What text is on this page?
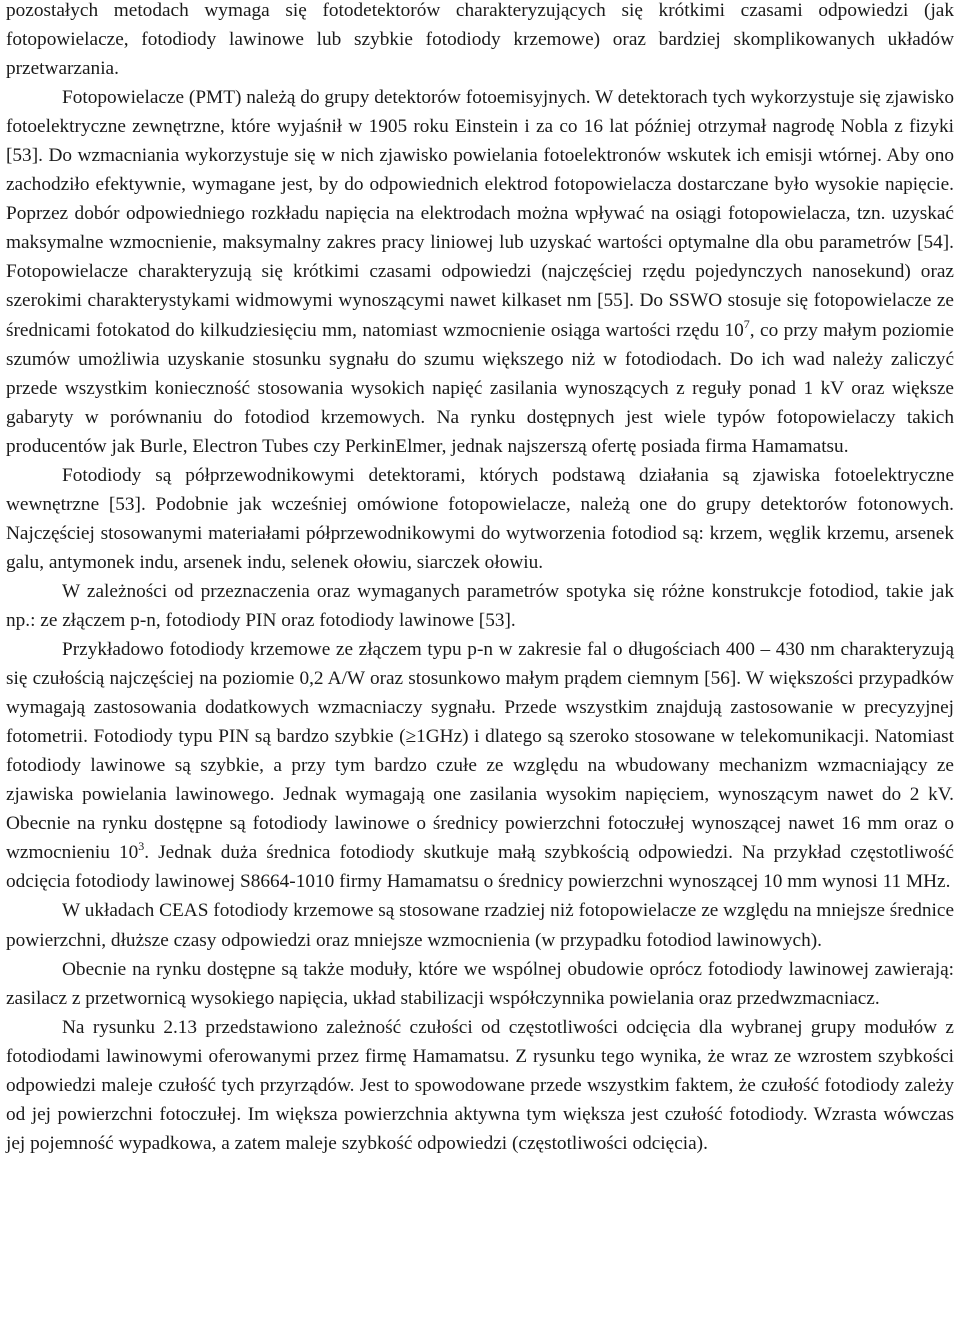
pozostałych metodach wymaga się fotodetektorów charakteryzujących się krótkimi czasami odpowiedzi (jak fotopowielacze, fotodiody lawinowe lub szybkie fotodiody krzemowe) oraz bardziej skomplikowanych układów przetwarzania.

Fotopowielacze (PMT) należą do grupy detektorów fotoemisyjnych. W detektorach tych wykorzystuje się zjawisko fotoelektryczne zewnętrzne, które wyjaśnił w 1905 roku Einstein i za co 16 lat później otrzymał nagrodę Nobla z fizyki [53]. Do wzmacniania wykorzystuje się w nich zjawisko powielania fotoelektronów wskutek ich emisji wtórnej. Aby ono zachodziło efektywnie, wymagane jest, by do odpowiednich elektrod fotopowielacza dostarczane było wysokie napięcie. Poprzez dobór odpowiedniego rozkładu napięcia na elektrodach można wpływać na osiągi fotopowielacza, tzn. uzyskać maksymalne wzmocnienie, maksymalny zakres pracy liniowej lub uzyskać wartości optymalne dla obu parametrów [54]. Fotopowielacze charakteryzują się krótkimi czasami odpowiedzi (najczęściej rzędu pojedynczych nanosekund) oraz szerokimi charakterystykami widmowymi wynoszącymi nawet kilkaset nm [55]. Do SSWO stosuje się fotopowielacze ze średnicami fotokatod do kilkudziesięciu mm, natomiast wzmocnienie osiąga wartości rzędu $10^7$, co przy małym poziomie szumów umożliwia uzyskanie stosunku sygnału do szumu większego niż w fotodiodach. Do ich wad należy zaliczyć przede wszystkim konieczność stosowania wysokich napięć zasilania wynoszących z reguły ponad 1 kV oraz większe gabaryty w porównaniu do fotodiod krzemowych. Na rynku dostępnych jest wiele typów fotopowielaczy takich producentów jak Burle, Electron Tubes czy PerkinElmer, jednak najszerszą ofertę posiada firma Hamamatsu.

Fotodiody są półprzewodnikowymi detektorami, których podstawą działania są zjawiska fotoelektryczne wewnętrzne [53]. Podobnie jak wcześniej omówione fotopowielacze, należą one do grupy detektorów fotonowych. Najczęściej stosowanymi materiałami półprzewodnikowymi do wytworzenia fotodiod są: krzem, węglik krzemu, arsenek galu, antymonek indu, arsenek indu, selenek ołowiu, siarczek ołowiu.

W zależności od przeznaczenia oraz wymaganych parametrów spotyka się różne konstrukcje fotodiod, takie jak np.: ze złączem p-n, fotodiody PIN oraz fotodiody lawinowe [53].

Przykładowo fotodiody krzemowe ze złączem typu p-n w zakresie fal o długościach 400 – 430 nm charakteryzują się czułością najczęściej na poziomie 0,2 A/W oraz stosunkowo małym prądem ciemnym [56]. W większości przypadków wymagają zastosowania dodatkowych wzmacniaczy sygnału. Przede wszystkim znajdują zastosowanie w precyzyjnej fotometrii. Fotodiody typu PIN są bardzo szybkie (≥1GHz) i dlatego są szeroko stosowane w telekomunikacji. Natomiast fotodiody lawinowe są szybkie, a przy tym bardzo czułe ze względu na wbudowany mechanizm wzmacniający ze zjawiska powielania lawinowego. Jednak wymagają one zasilania wysokim napięciem, wynoszącym nawet do 2 kV. Obecnie na rynku dostępne są fotodiody lawinowe o średnicy powierzchni fotoczułej wynoszącej nawet 16 mm oraz o wzmocnieniu $10^3$. Jednak duża średnica fotodiody skutkuje małą szybkością odpowiedzi. Na przykład częstotliwość odcięcia fotodiody lawinowej S8664-1010 firmy Hamamatsu o średnicy powierzchni wynoszącej 10 mm wynosi 11 MHz.

W układach CEAS fotodiody krzemowe są stosowane rzadziej niż fotopowielacze ze względu na mniejsze średnice powierzchni, dłuższe czasy odpowiedzi oraz mniejsze wzmocnienia (w przypadku fotodiod lawinowych).

Obecnie na rynku dostępne są także moduły, które we wspólnej obudowie oprócz fotodiody lawinowej zawierają: zasilacz z przetwornicą wysokiego napięcia, układ stabilizacji współczynnika powielania oraz przedwzmacniacz.

Na rysunku 2.13 przedstawiono zależność czułości od częstotliwości odcięcia dla wybranej grupy modułów z fotodiodami lawinowymi oferowanymi przez firmę Hamamatsu. Z rysunku tego wynika, że wraz ze wzrostem szybkości odpowiedzi maleje czułość tych przyrządów. Jest to spowodowane przede wszystkim faktem, że czułość fotodiody zależy od jej powierzchni fotoczułej. Im większa powierzchnia aktywna tym większa jest czułość fotodiody. Wzrasta wówczas jej pojemność wypadkowa, a zatem maleje szybkość odpowiedzi (częstotliwości odcięcia).
